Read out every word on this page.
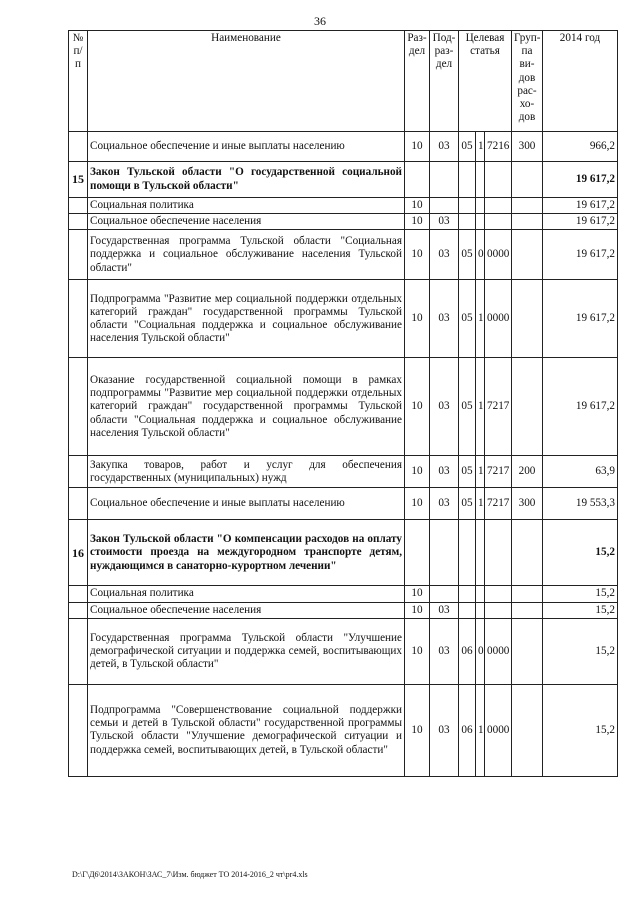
36
№ п/п	Наименование	Раз-дел	Под-раз-дел	Целевая статья			Груп-па ви-дов рас-хо-дов	2014 год
	Социальное обеспечение и иные выплаты населению	10	03	05	1	7216	300	966,2
15	Закон Тульской области "О государственной социальной помощи в Тульской области"							19 617,2
	Социальная политика	10						19 617,2
	Социальное обеспечение населения	10	03					19 617,2
	Государственная программа Тульской области "Социальная поддержка и социальное обслуживание населения Тульской области"	10	03	05	0	0000		19 617,2
	Подпрограмма "Развитие мер социальной поддержки отдельных категорий граждан" государственной программы Тульской области "Социальная поддержка и социальное обслуживание населения Тульской области"	10	03	05	1	0000		19 617,2
	Оказание государственной социальной помощи в рамках подпрограммы "Развитие мер социальной поддержки отдельных категорий граждан" государственной программы Тульской области "Социальная поддержка и социальное обслуживание населения Тульской области"	10	03	05	1	7217		19 617,2
	Закупка товаров, работ и услуг для обеспечения государственных (муниципальных) нужд	10	03	05	1	7217	200	63,9
	Социальное обеспечение и иные выплаты населению	10	03	05	1	7217	300	19 553,3
16	Закон Тульской области "О компенсации расходов на оплату стоимости проезда на междугородном транспорте детям, нуждающимся в санаторно-курортном лечении"							15,2
	Социальная политика	10						15,2
	Социальное обеспечение населения	10	03					15,2
	Государственная программа Тульской области "Улучшение демографической ситуации и поддержка семей, воспитывающих детей, в Тульской области"	10	03	06	0	0000		15,2
	Подпрограмма "Совершенствование социальной поддержки семьи и детей в Тульской области" государственной программы Тульской области "Улучшение демографической ситуации и поддержка семей, воспитывающих детей, в Тульской области"	10	03	06	1	0000		15,2
D:\Г\Д6\2014\ЗАКОН\ЗАС_7\Изм. бюджет ТО 2014-2016_2 чт\pr4.xls
